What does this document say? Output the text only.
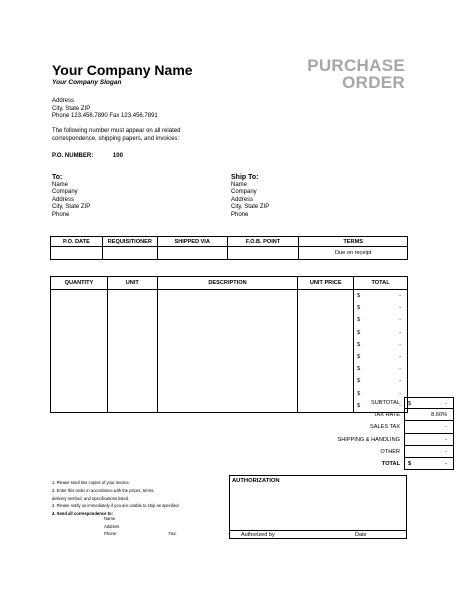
Your Company Name
Your Company Slogan
PURCHASE
ORDER
Address
City, State ZIP
Phone 123.456.7890 Fax 123.456.7891
The following number must appear on all related
correspondence, shipping papers, and invoices:
P.O. NUMBER:	100
To:
Name
Company
Address
City, State ZIP
Phone
Ship To:
Name
Company
Address
City, State ZIP
Phone
P.O. DATE	REQUISITIONER	SHIPPED VIA	F.O.B. POINT	TERMS
				Due on receipt
QUANTITY	UNIT	DESCRIPTION	UNIT PRICE	TOTAL

				$ -

				$ -

				$ -

				$ -

				$ -

				$ -

				$ -

				$ -

				$ -

				$ -
SUBTOTAL $	-
TAX RATE	8.60%
SALES TAX	-
SHIPPING & HANDLING	-
OTHER	-
TOTAL $	-
1. Please send two copies of your invoice.
2. Enter this order in accordance with the prices, terms,
delivery method, and specifications listed.
3. Please notify us immediately if you are unable to ship as specified.
4. Send all correspondence to:
Name
Address
Phone:	Fax:
AUTHORIZATION
Authorized by	Date
